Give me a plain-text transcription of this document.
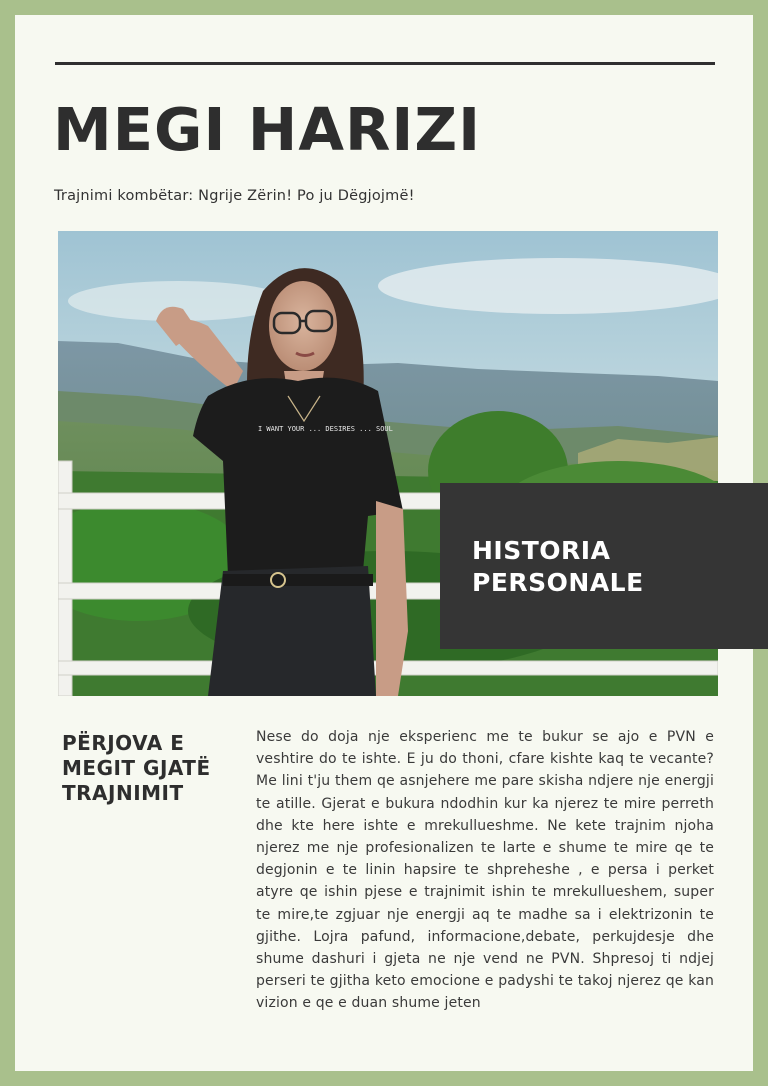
MEGI HARIZI
Trajnimi kombëtar: Ngrije Zërin! Po ju Dëgjojmë!
I WANT YOUR ... DESIRES ... SOUL
HISTORIA
PERSONALE
PËRJOVA E
MEGIT GJATË
TRAJNIMIT
Nese do doja nje eksperienc me te bukur se ajo e PVN e veshtire do te ishte. E ju do thoni, cfare kishte kaq te vecante? Me lini t'ju them qe asnjehere me pare skisha ndjere nje energji te atille. Gjerat e bukura ndodhin kur ka njerez te mire perreth dhe kte here ishte e mrekullueshme. Ne kete trajnim njoha njerez me nje profesionalizen te larte e shume te mire qe te degjonin e te linin hapsire te shpreheshe , e persa i perket atyre qe ishin pjese e trajnimit ishin te mrekullueshem, super te mire,te zgjuar nje energji aq te madhe sa i elektrizonin te gjithe. Lojra pafund, informacione,debate, perkujdesje dhe shume dashuri i gjeta ne nje vend ne PVN. Shpresoj ti ndjej perseri te gjitha keto emocione e padyshi te takoj njerez qe kan vizion e qe e duan shume jeten
